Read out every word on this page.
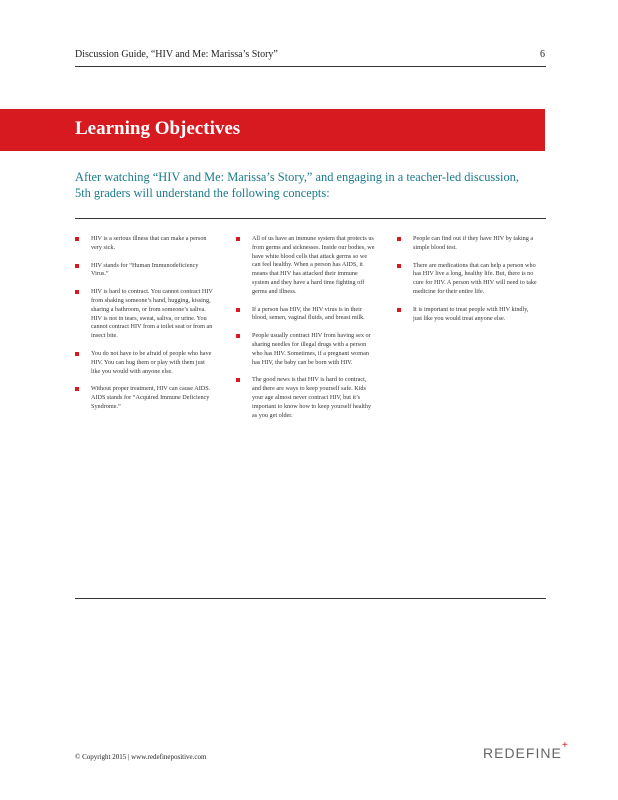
Discussion Guide, “HIV and Me: Marissa’s Story”	6
Learning Objectives
After watching “HIV and Me: Marissa’s Story,” and engaging in a teacher-led discussion, 5th graders will understand the following concepts:
HIV is a serious illness that can make a person very sick.
HIV stands for “Human Immunodeficiency Virus.”
HIV is hard to contract. You cannot contract HIV from shaking someone’s hand, hugging, kissing, sharing a bathroom, or from someone’s saliva. HIV is not in tears, sweat, saliva, or urine. You cannot contract HIV from a toilet seat or from an insect bite.
You do not have to be afraid of people who have HIV. You can hug them or play with them just like you would with anyone else.
Without proper treatment, HIV can cause AIDS. AIDS stands for “Acquired Immune Deficiency Syndrome.”
All of us have an immune system that protects us from germs and sicknesses. Inside our bodies, we have white blood cells that attack germs so we can feel healthy. When a person has AIDS, it means that HIV has attacked their immune system and they have a hard time fighting off germs and illness.
If a person has HIV, the HIV virus is in their blood, semen, vaginal fluids, and breast milk.
People usually contract HIV from having sex or sharing needles for illegal drugs with a person who has HIV. Sometimes, if a pregnant woman has HIV, the baby can be born with HIV.
The good news is that HIV is hard to contract, and there are ways to keep yourself safe. Kids your age almost never contract HIV, but it’s important to know how to keep yourself healthy as you get older.
People can find out if they have HIV by taking a simple blood test.
There are medications that can help a person who has HIV live a long, healthy life. But, there is no cure for HIV. A person with HIV will need to take medicine for their entire life.
It is important to treat people with HIV kindly, just like you would treat anyone else.
© Copyright 2015 | www.redefinepositive.com	REDEFINE +
